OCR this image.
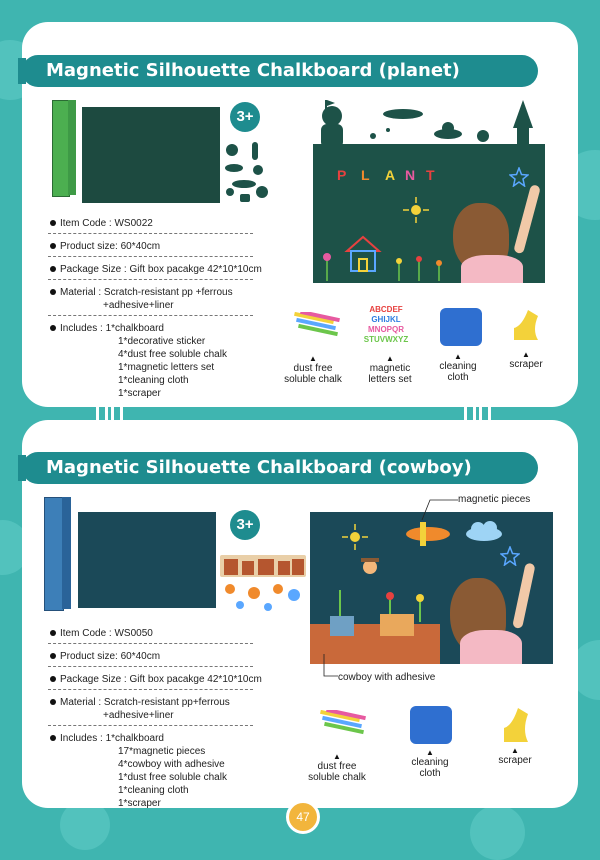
Magnetic Silhouette Chalkboard (planet)
3+
P L A N T
Item Code : WS0022
Product size: 60*40cm
Package Size : Gift box pacakge 42*10*10cm
Material : Scratch-resistant pp +ferrous
+adhesive+liner
Includes : 1*chalkboard
1*decorative sticker
4*dust free soluble chalk
1*magnetic letters set
1*cleaning cloth
1*scraper
ABCDEF
GHIJKL
MNOPQR
STUVWXYZ
▲
dust free
soluble chalk
▲
magnetic
letters set
▲
cleaning
cloth
▲
scraper
Magnetic Silhouette Chalkboard (cowboy)
3+
magnetic pieces
cowboy with adhesive
Item Code : WS0050
Product size: 60*40cm
Package Size : Gift box pacakge 42*10*10cm
Material : Scratch-resistant pp+ferrous
+adhesive+liner
Includes : 1*chalkboard
17*magnetic pieces
4*cowboy with adhesive
1*dust free soluble chalk
1*cleaning cloth
1*scraper
▲
dust free
soluble chalk
▲
cleaning
cloth
▲
scraper
47
